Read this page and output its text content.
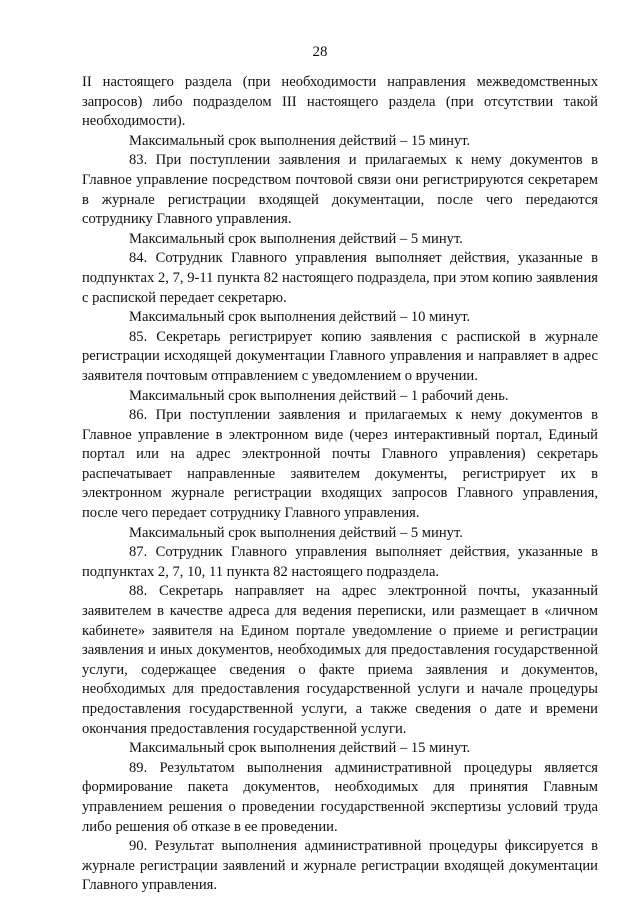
28

II настоящего раздела (при необходимости направления межведомственных запросов) либо подразделом III настоящего раздела (при отсутствии такой необходимости).

Максимальный срок выполнения действий – 15 минут.

83. При поступлении заявления и прилагаемых к нему документов в Главное управление посредством почтовой связи они регистрируются секретарем в журнале регистрации входящей документации, после чего передаются сотруднику Главного управления.

Максимальный срок выполнения действий – 5 минут.

84. Сотрудник Главного управления выполняет действия, указанные в подпунктах 2, 7, 9-11 пункта 82 настоящего подраздела, при этом копию заявления с распиской передает секретарю.

Максимальный срок выполнения действий – 10 минут.

85. Секретарь регистрирует копию заявления с распиской в журнале регистрации исходящей документации Главного управления и направляет в адрес заявителя почтовым отправлением с уведомлением о вручении.

Максимальный срок выполнения действий – 1 рабочий день.

86. При поступлении заявления и прилагаемых к нему документов в Главное управление в электронном виде (через интерактивный портал, Единый портал или на адрес электронной почты Главного управления) секретарь распечатывает направленные заявителем документы, регистрирует их в электронном журнале регистрации входящих запросов Главного управления, после чего передает сотруднику Главного управления.

Максимальный срок выполнения действий – 5 минут.

87. Сотрудник Главного управления выполняет действия, указанные в подпунктах 2, 7, 10, 11 пункта 82 настоящего подраздела.

88. Секретарь направляет на адрес электронной почты, указанный заявителем в качестве адреса для ведения переписки, или размещает в «личном кабинете» заявителя на Едином портале уведомление о приеме и регистрации заявления и иных документов, необходимых для предоставления государственной услуги, содержащее сведения о факте приема заявления и документов, необходимых для предоставления государственной услуги и начале процедуры предоставления государственной услуги, а также сведения о дате и времени окончания предоставления государственной услуги.

Максимальный срок выполнения действий – 15 минут.

89. Результатом выполнения административной процедуры является формирование пакета документов, необходимых для принятия Главным управлением решения о проведении государственной экспертизы условий труда либо решения об отказе в ее проведении.

90. Результат выполнения административной процедуры фиксируется в журнале регистрации заявлений и журнале регистрации входящей документации Главного управления.
